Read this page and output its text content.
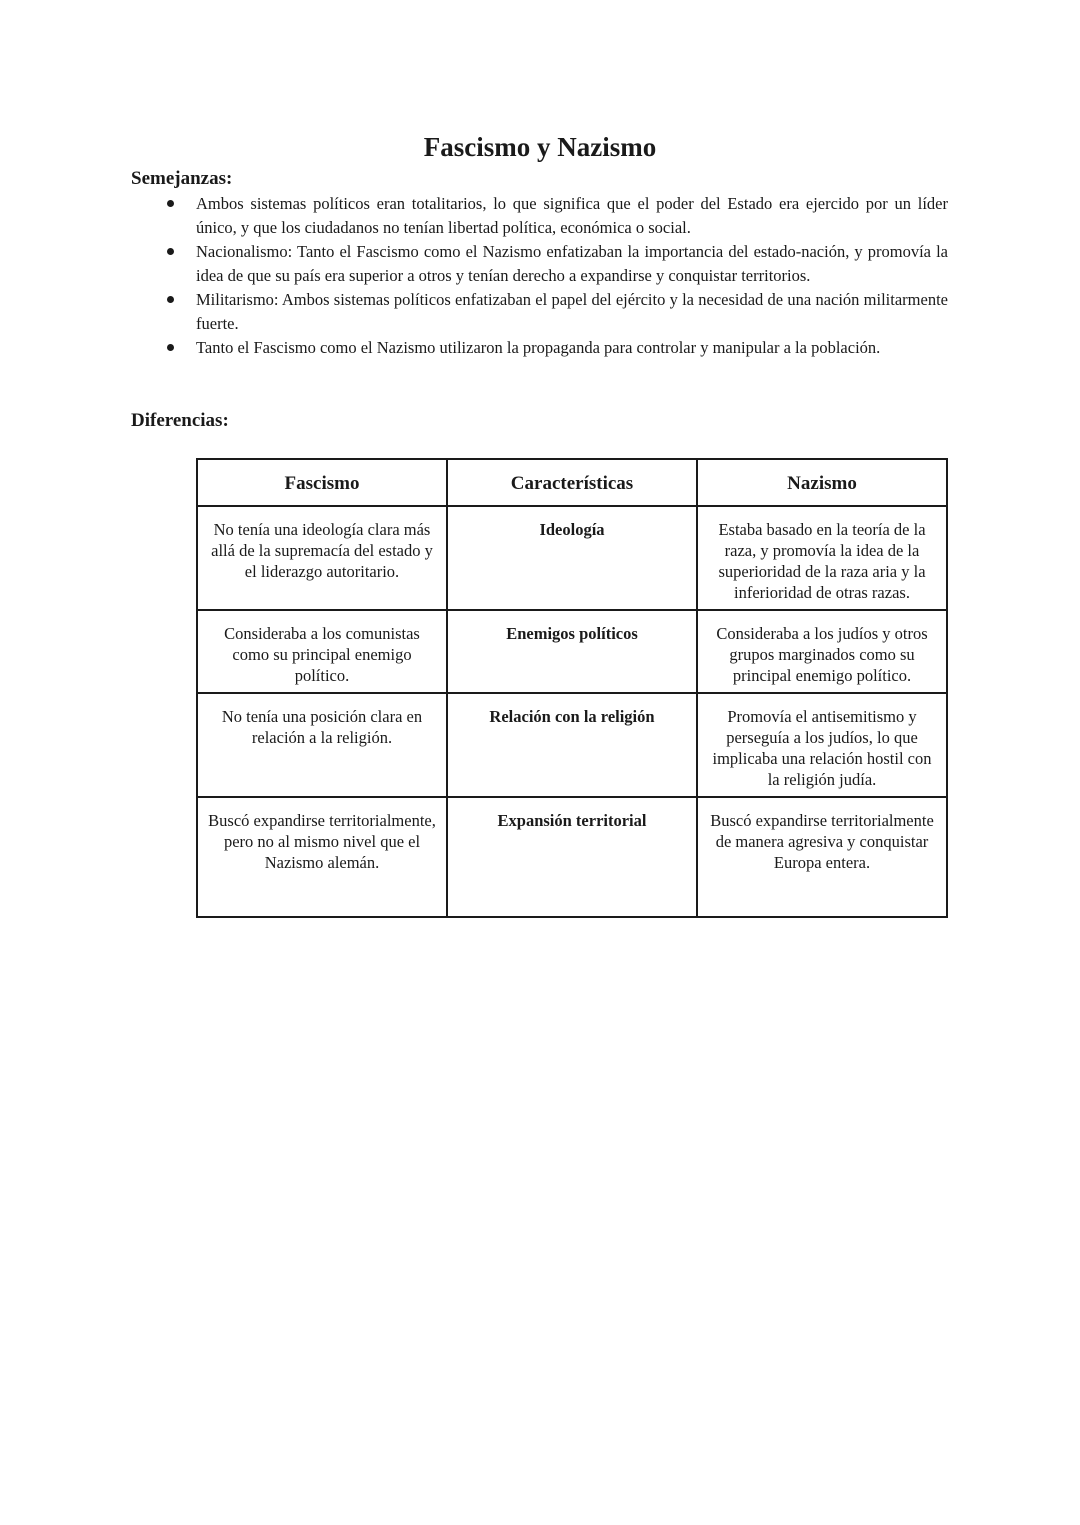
Fascismo y Nazismo
Semejanzas:
Ambos sistemas políticos eran totalitarios, lo que significa que el poder del Estado era ejercido por un líder único, y que los ciudadanos no tenían libertad política, económica o social.
Nacionalismo: Tanto el Fascismo como el Nazismo enfatizaban la importancia del estado-nación, y promovía la idea de que su país era superior a otros y tenían derecho a expandirse y conquistar territorios.
Militarismo: Ambos sistemas políticos enfatizaban el papel del ejército y la necesidad de una nación militarmente fuerte.
Tanto el Fascismo como el Nazismo utilizaron la propaganda para controlar y manipular a la población.
Diferencias:
Fascismo	Características	Nazismo
No tenía una ideología clara más allá de la supremacía del estado y el liderazgo autoritario.	Ideología	Estaba basado en la teoría de la raza, y promovía la idea de la superioridad de la raza aria y la inferioridad de otras razas.
Consideraba a los comunistas como su principal enemigo político.	Enemigos políticos	Consideraba a los judíos y otros grupos marginados como su principal enemigo político.
No tenía una posición clara en relación a la religión.	Relación con la religión	Promovía el antisemitismo y perseguía a los judíos, lo que implicaba una relación hostil con la religión judía.
Buscó expandirse territorialmente, pero no al mismo nivel que el Nazismo alemán.	Expansión territorial	Buscó expandirse territorialmente de manera agresiva y conquistar Europa entera.
